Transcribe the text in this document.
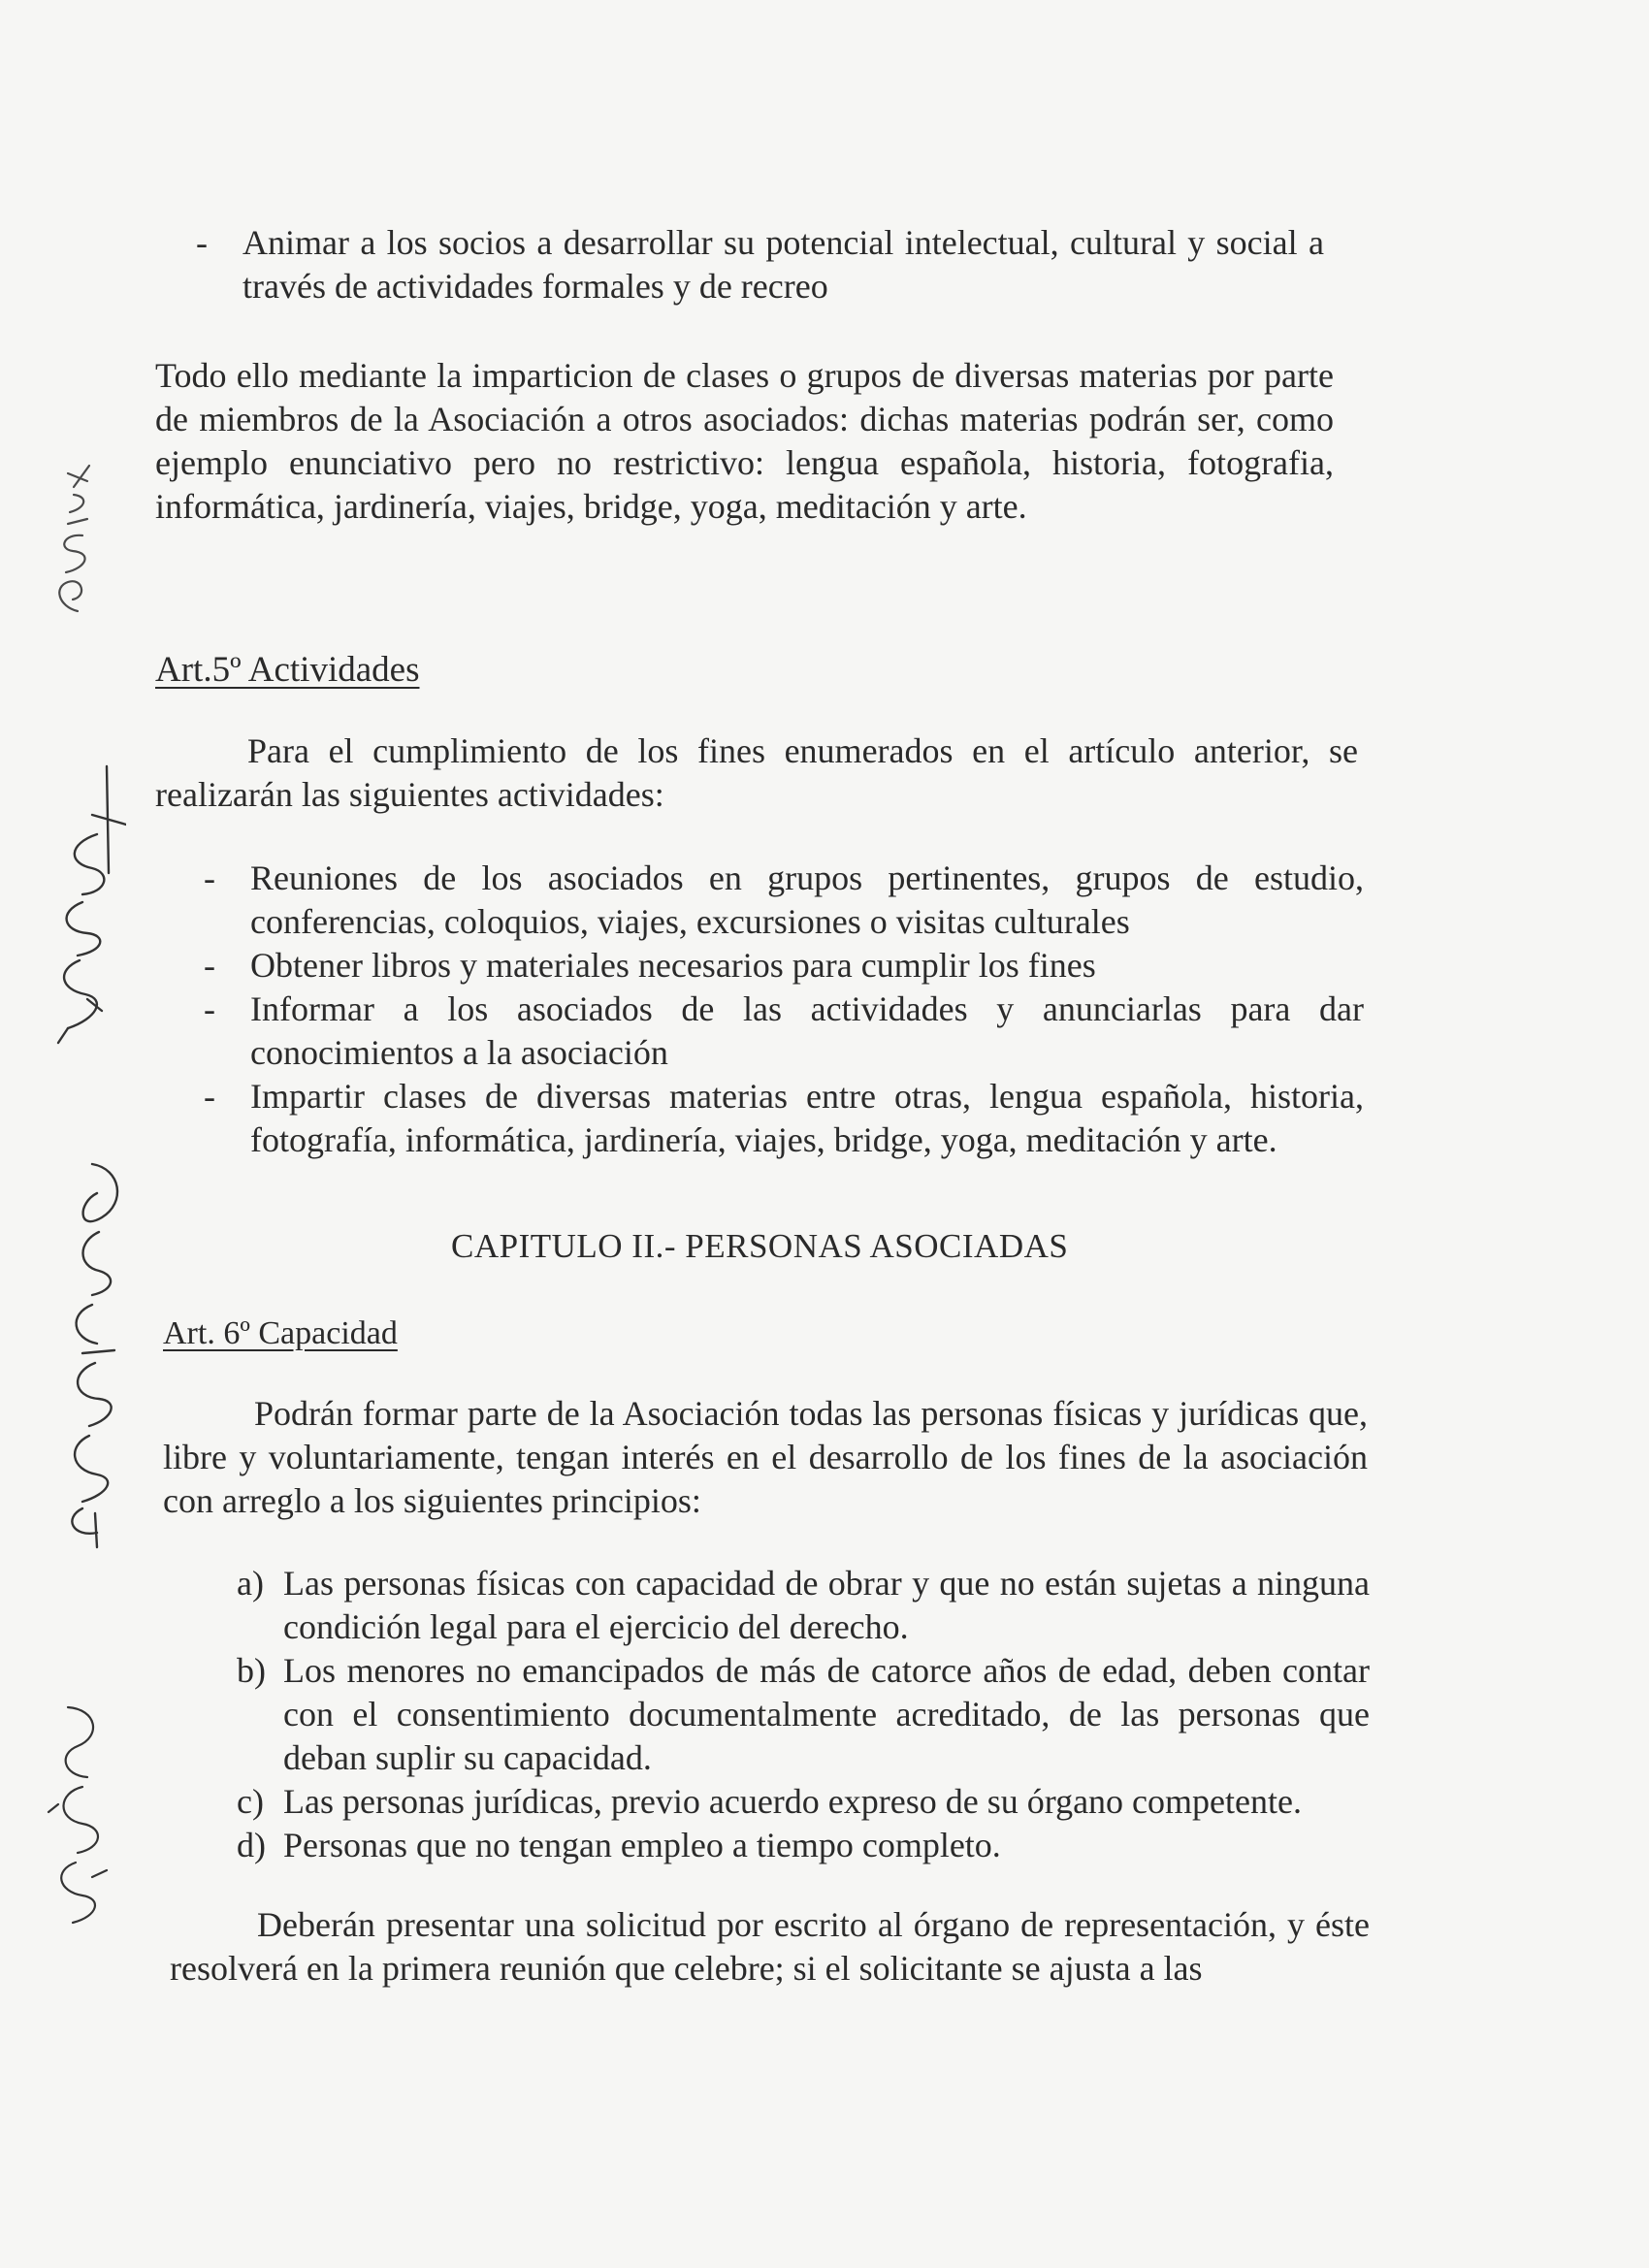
- Animar a los socios a desarrollar su potencial intelectual, cultural y social a través de actividades formales y de recreo
Todo ello mediante la imparticion de clases o grupos de diversas materias por parte de miembros de la Asociación a otros asociados: dichas materias podrán ser, como ejemplo enunciativo pero no restrictivo: lengua española, historia, fotografia, informática, jardinería, viajes, bridge, yoga, meditación y arte.
Art.5º Actividades
Para el cumplimiento de los fines enumerados en el artículo anterior, se realizarán las siguientes actividades:
- Reuniones de los asociados en grupos pertinentes, grupos de estudio, conferencias, coloquios, viajes, excursiones o visitas culturales
- Obtener libros y materiales necesarios para cumplir los fines
- Informar a los asociados de las actividades y anunciarlas para dar conocimientos a la asociación
- Impartir clases de diversas materias entre otras, lengua española, historia, fotografía, informática, jardinería, viajes, bridge, yoga, meditación y arte.
CAPITULO II.- PERSONAS ASOCIADAS
Art. 6º Capacidad
Podrán formar parte de la Asociación todas las personas físicas y jurídicas que, libre y voluntariamente, tengan interés en el desarrollo de los fines de la asociación con arreglo a los siguientes principios:
a) Las personas físicas con capacidad de obrar y que no están sujetas a ninguna condición legal para el ejercicio del derecho.
b) Los menores no emancipados de más de catorce años de edad, deben contar con el consentimiento documentalmente acreditado, de las personas que deban suplir su capacidad.
c) Las personas jurídicas, previo acuerdo expreso de su órgano competente.
d) Personas que no tengan empleo a tiempo completo.
Deberán presentar una solicitud por escrito al órgano de representación, y éste resolverá en la primera reunión que celebre; si el solicitante se ajusta a las
